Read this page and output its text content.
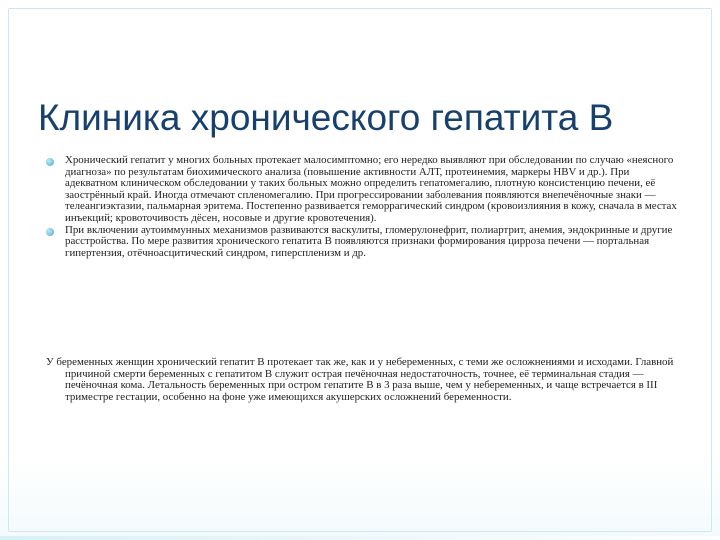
Клиника хронического гепатита В
Хронический гепатит у многих больных протекает малосимптомно; его нередко выявляют при обследовании по случаю «неясного диагноза» по результатам биохимического анализа (повышение активности АЛТ, протеинемия, маркеры HBV и др.). При адекватном клиническом обследовании у таких больных можно определить гепатомегалию, плотную консистенцию печени, её заострённый край. Иногда отмечают спленомегалию. При прогрессировании заболевания появляются внепечёночные знаки — телеангиэктазии, пальмарная эритема. Постепенно развивается геморрагический синдром (кровоизлияния в кожу, сначала в местах инъекций; кровоточивость дёсен, носовые и другие кровотечения).
При включении аутоиммунных механизмов развиваются васкулиты, гломерулонефрит, полиартрит, анемия, эндокринные и другие расстройства. По мере развития хронического гепатита В появляются признаки формирования цирроза печени — портальная гипертензия, отёчноасцитический синдром, гиперспленизм и др.

У беременных женщин хронический гепатит В протекает так же, как и у небеременных, с теми же осложнениями и исходами. Главной причиной смерти беременных с гепатитом В служит острая печёночная недостаточность, точнее, её терминальная стадия — печёночная кома. Летальность беременных при остром гепатите В в 3 раза выше, чем у небеременных, и чаще встречается в III триместре гестации, особенно на фоне уже имеющихся акушерских осложнений беременности.
